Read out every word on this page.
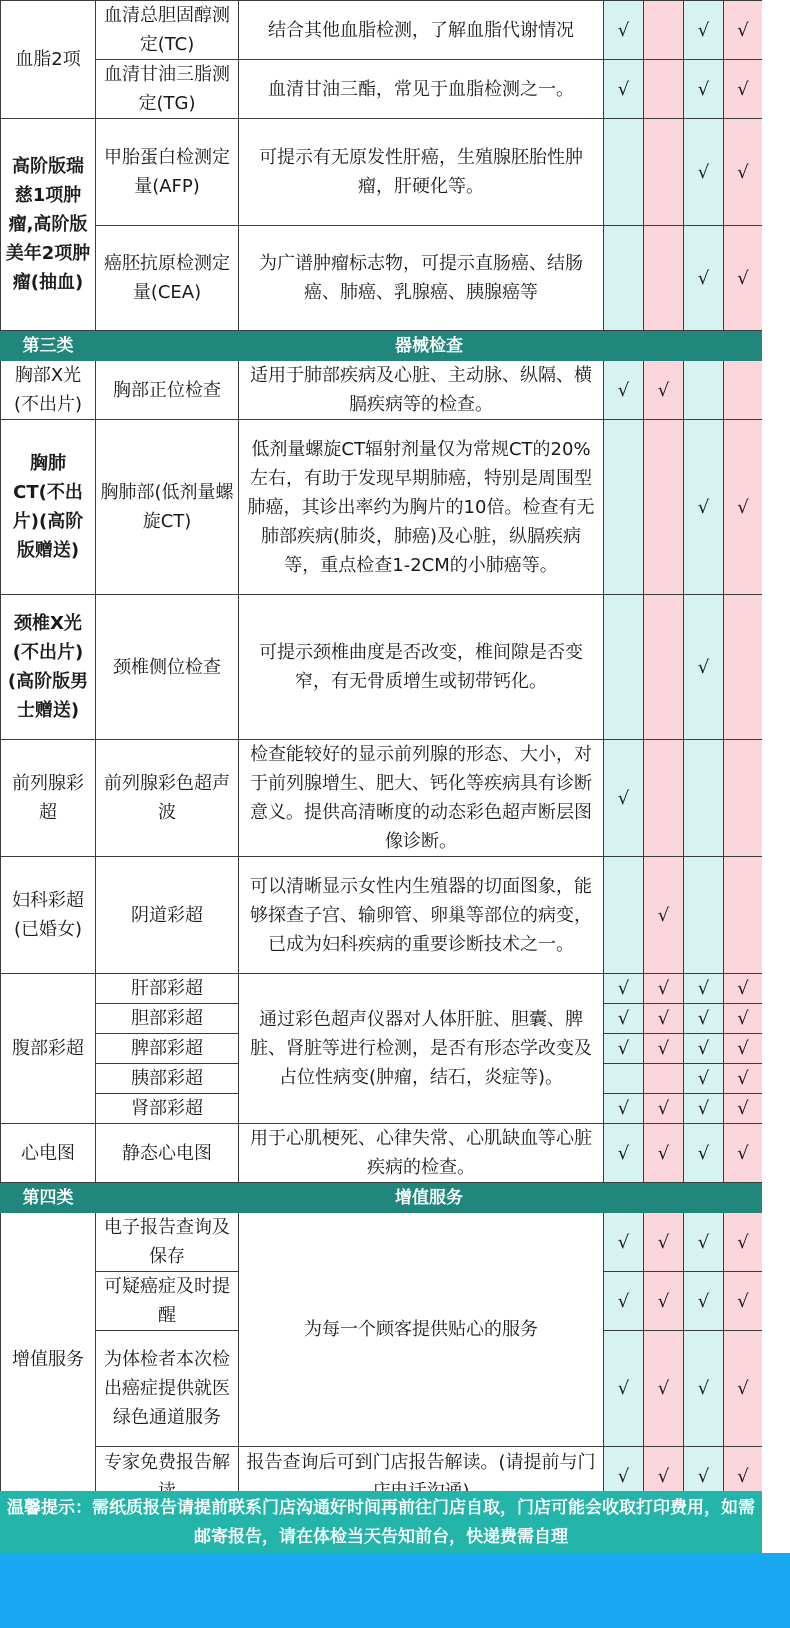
血脂2项	血清总胆固醇测定(TC)	结合其他血脂检测，了解血脂代谢情况	√		√	√
	血清甘油三脂测定(TG)	血清甘油三酯，常见于血脂检测之一。	√		√	√
高阶版瑞慈1项肿瘤,高阶版美年2项肿瘤(抽血)	甲胎蛋白检测定量(AFP)	可提示有无原发性肝癌，生殖腺胚胎性肿瘤，肝硬化等。			√	√
	癌胚抗原检测定量(CEA)	为广谱肿瘤标志物，可提示直肠癌、结肠癌、肺癌、乳腺癌、胰腺癌等			√	√
第三类	器械检查					
胸部X光(不出片)	胸部正位检查	适用于肺部疾病及心脏、主动脉、纵隔、横膈疾病等的检查。	√	√		
胸肺CT(不出片)(高阶版赠送)	胸肺部(低剂量螺旋CT)	低剂量螺旋CT辐射剂量仅为常规CT的20%左右，有助于发现早期肺癌，特别是周围型肺癌，其诊出率约为胸片的10倍。检查有无肺部疾病(肺炎，肺癌)及心脏，纵膈疾病等，重点检查1-2CM的小肺癌等。			√	√
颈椎X光(不出片)(高阶版男士赠送)	颈椎侧位检查	可提示颈椎曲度是否改变，椎间隙是否变窄，有无骨质增生或韧带钙化。			√	
前列腺彩超	前列腺彩色超声波	检查能较好的显示前列腺的形态、大小，对于前列腺增生、肥大、钙化等疾病具有诊断意义。提供高清晰度的动态彩色超声断层图像诊断。	√			
妇科彩超(已婚女)	阴道彩超	可以清晰显示女性内生殖器的切面图象，能够探查子宫、输卵管、卵巢等部位的病变，已成为妇科疾病的重要诊断技术之一。		√		
腹部彩超	肝部彩超	通过彩色超声仪器对人体肝脏、胆囊、脾脏、肾脏等进行检测，是否有形态学改变及占位性病变(肿瘤，结石，炎症等)。	√	√	√	√
	胆部彩超		√	√	√	√
	脾部彩超		√	√	√	√
	胰部彩超				√	√
	肾部彩超		√	√	√	√
心电图	静态心电图	用于心肌梗死、心律失常、心肌缺血等心脏疾病的检查。	√	√	√	√
第四类	增值服务					
增值服务	电子报告查询及保存	为每一个顾客提供贴心的服务	√	√	√	√
	可疑癌症及时提醒		√	√	√	√
	为体检者本次检出癌症提供就医绿色通道服务		√	√	√	√
	专家免费报告解	报告查询后可到门店报告解读。(请提前与门	√	√	√	√
温馨提示：需纸质报告请提前联系门店沟通好时间再前往门店自取，门店可能会收取打印费用，如需邮寄报告，请在体检当天告知前台，快递费需自理
